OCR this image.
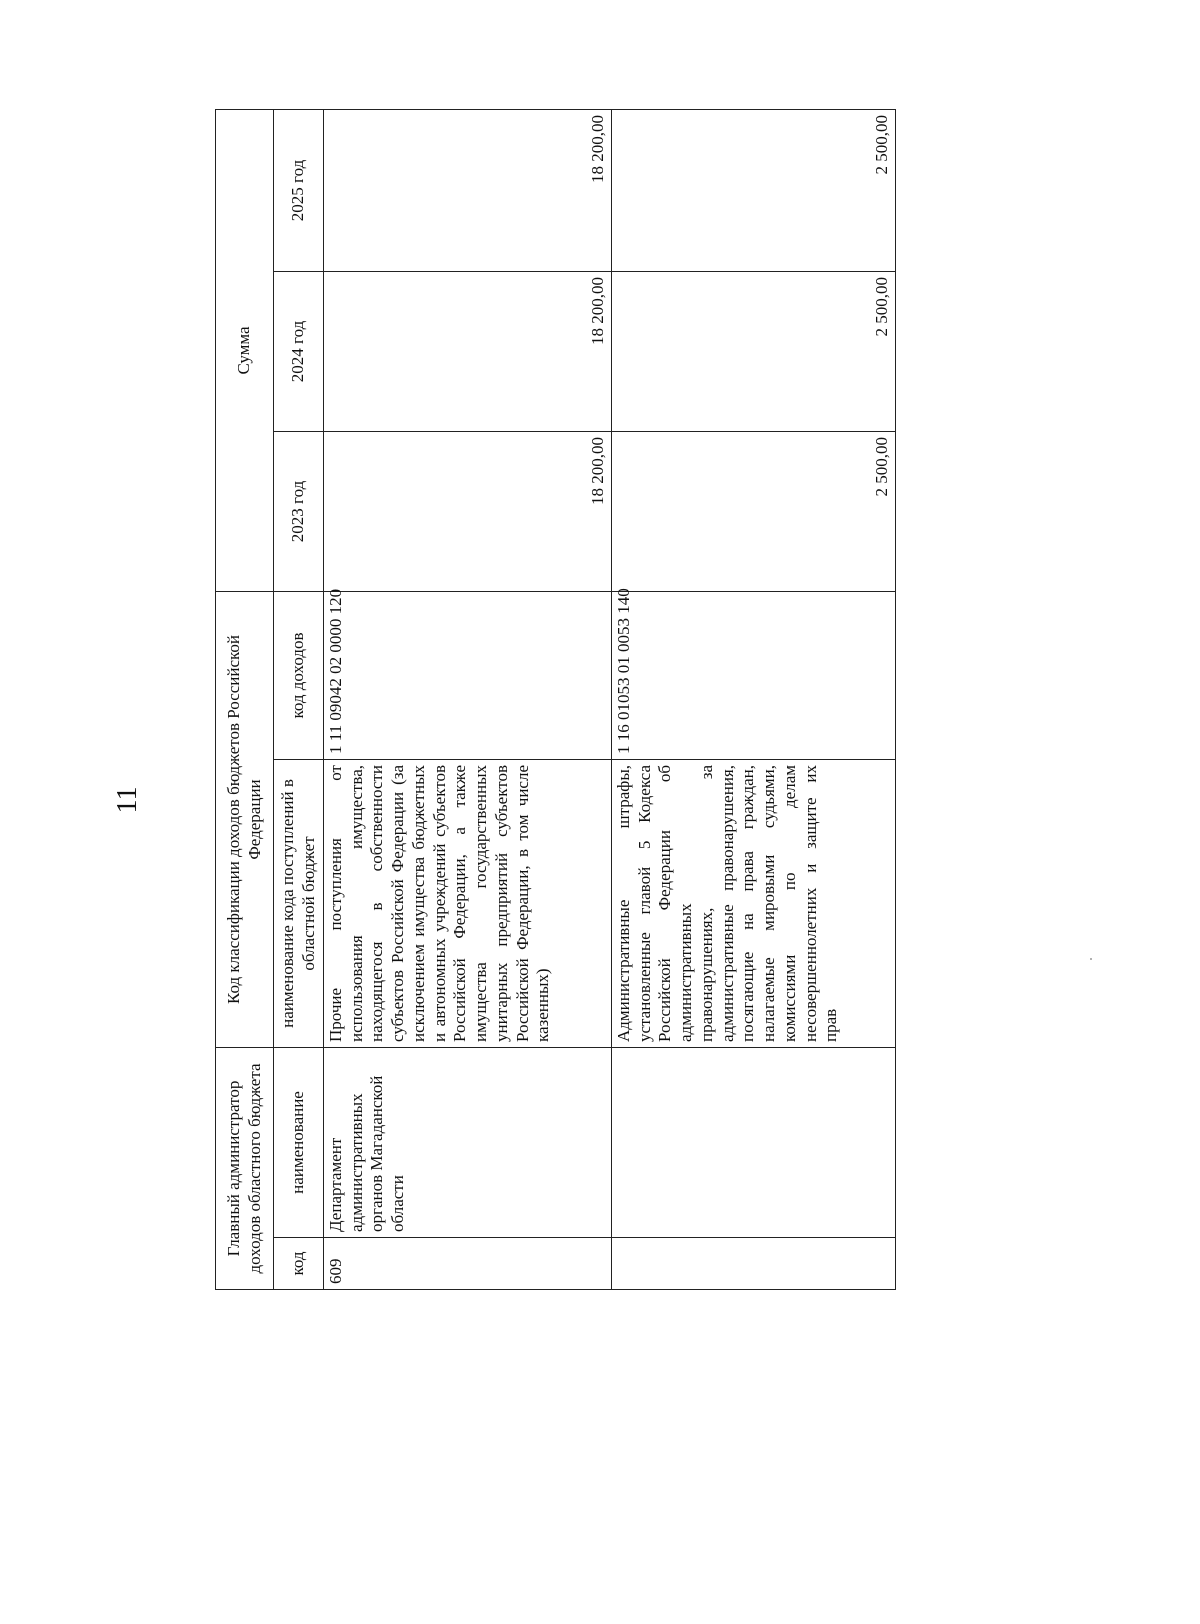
11
Главный администратор доходов областного бюджета		Код классификации доходов бюджетов Российской Федерации		Сумма		
код	наименование	наименование кода поступлений в областной бюджет	код доходов	2023 год	2024 год	2025 год
609	Департамент административных органов Магаданской области	Прочие поступления от использования имущества, находящегося в собственности субъектов Российской Федерации (за исключением имущества бюджетных и автономных учреждений субъектов Российской Федерации, а также имущества государственных унитарных предприятий субъектов Российской Федерации, в том числе казенных)	1 11 09042 02 0000 120	18 200,00	18 200,00	18 200,00
		Административные штрафы, установленные главой 5 Кодекса Российской Федерации об административных правонарушениях, за административные правонарушения, посягающие на права граждан, налагаемые мировыми судьями, комиссиями по делам несовершеннолетних и защите их прав	1 16 01053 01 0053 140	2 500,00	2 500,00	2 500,00
